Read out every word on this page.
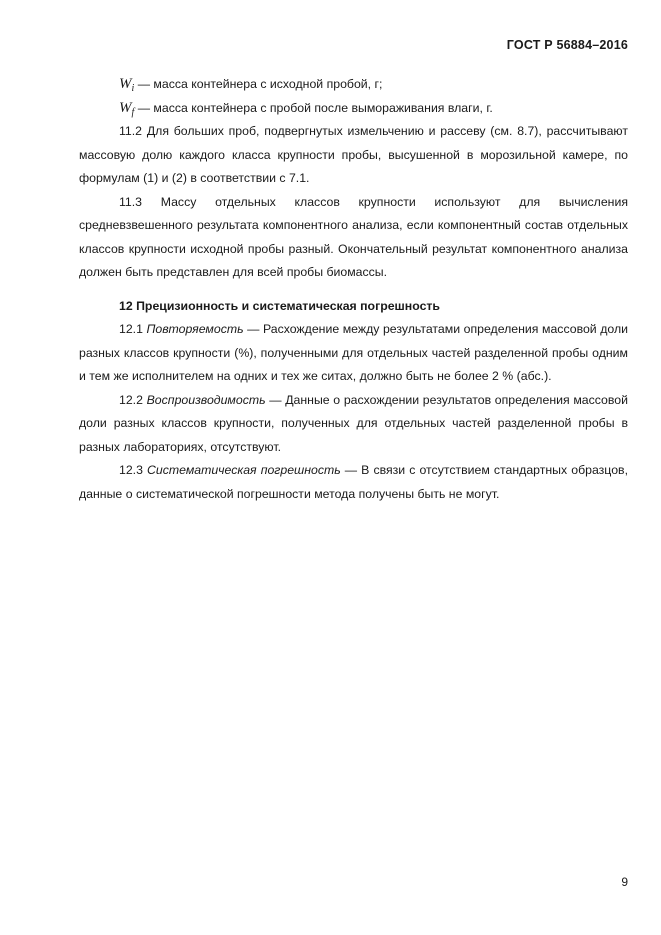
ГОСТ Р 56884–2016
$W_i$ — масса контейнера с исходной пробой, г;
$W_f$ — масса контейнера с пробой после вымораживания влаги, г.

11.2 Для больших проб, подвергнутых измельчению и рассеву (см. 8.7), рассчитывают массовую долю каждого класса крупности пробы, высушенной в морозильной камере, по формулам (1) и (2) в соответствии с 7.1.

11.3 Массу отдельных классов крупности используют для вычисления средневзвешенного результата компонентного анализа, если компонентный состав отдельных классов крупности исходной пробы разный. Окончательный результат компонентного анализа должен быть представлен для всей пробы биомассы.

12 Прецизионность и систематическая погрешность

12.1 Повторяемость — Расхождение между результатами определения массовой доли разных классов крупности (%), полученными для отдельных частей разделенной пробы одним и тем же исполнителем на одних и тех же ситах, должно быть не более 2 % (абс.).

12.2 Воспроизводимость — Данные о расхождении результатов определения массовой доли разных классов крупности, полученных для отдельных частей разделенной пробы в разных лабораториях, отсутствуют.

12.3 Систематическая погрешность — В связи с отсутствием стандартных образцов, данные о систематической погрешности метода получены быть не могут.

9
